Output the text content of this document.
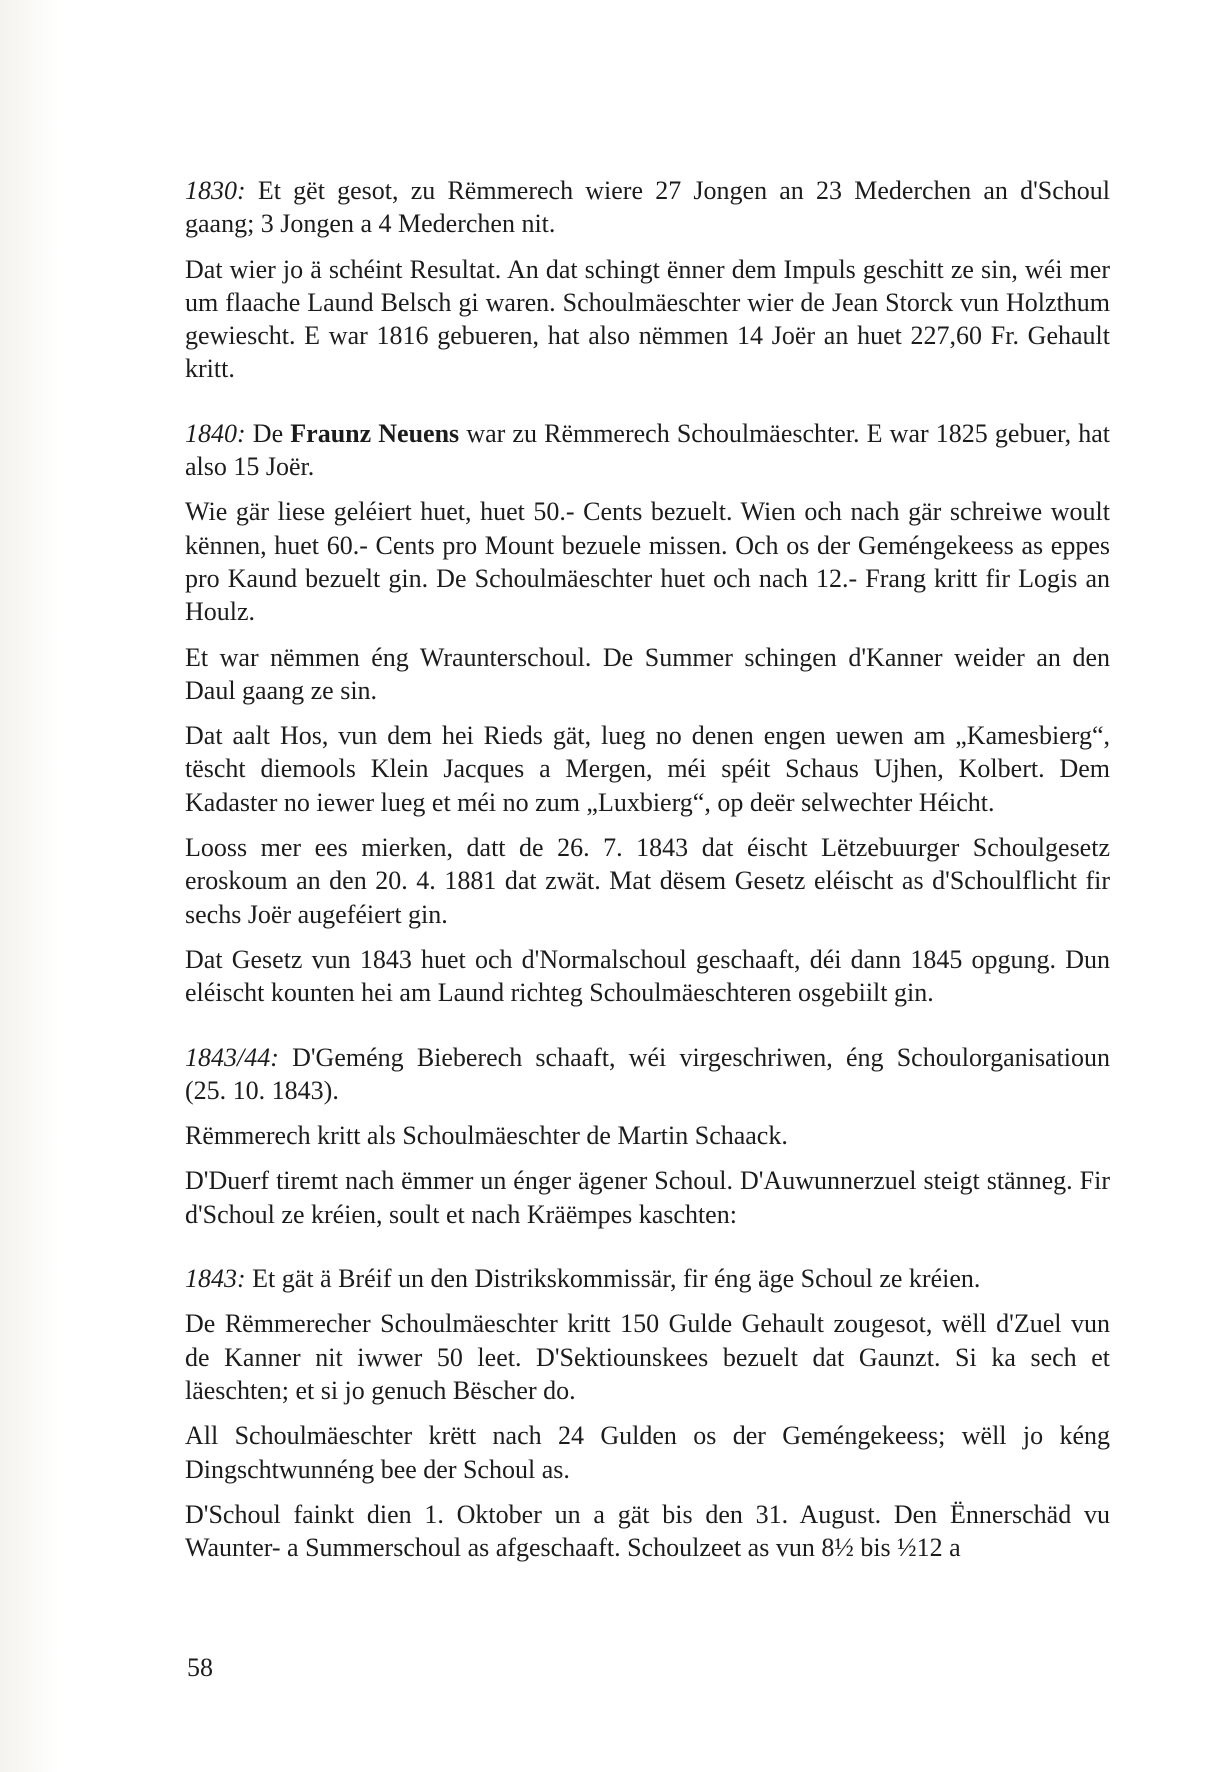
1830: Et gët gesot, zu Rëmmerech wiere 27 Jongen an 23 Mederchen an d'Schoul gaang; 3 Jongen a 4 Mederchen nit.

Dat wier jo ä schéint Resultat. An dat schingt ënner dem Impuls geschitt ze sin, wéi mer um flaache Laund Belsch gi waren. Schoulmäeschter wier de Jean Storck vun Holzthum gewiescht. E war 1816 gebueren, hat also nëmmen 14 Joër an huet 227,60 Fr. Gehault kritt.

1840: De Fraunz Neuens war zu Rëmmerech Schoulmäeschter. E war 1825 gebuer, hat also 15 Joër.

Wie gär liese geléiert huet, huet 50.- Cents bezuelt. Wien och nach gär schreiwe woult kënnen, huet 60.- Cents pro Mount bezuele missen. Och os der Geméngekeess as eppes pro Kaund bezuelt gin. De Schoulmäeschter huet och nach 12.- Frang kritt fir Logis an Houlz.

Et war nëmmen éng Wraunterschoul. De Summer schingen d'Kanner weider an den Daul gaang ze sin.

Dat aalt Hos, vun dem hei Rieds gät, lueg no denen engen uewen am „Kamesbierg“, tëscht diemools Klein Jacques a Mergen, méi spéit Schaus Ujhen, Kolbert. Dem Kadaster no iewer lueg et méi no zum „Luxbierg“, op deër selwechter Héicht.

Looss mer ees mierken, datt de 26. 7. 1843 dat éischt Lëtzebuurger Schoulgesetz eroskoum an den 20. 4. 1881 dat zwät. Mat dësem Gesetz eléischt as d'Schoulflicht fir sechs Joër augeféiert gin.

Dat Gesetz vun 1843 huet och d'Normalschoul geschaaft, déi dann 1845 opgung. Dun eléischt kounten hei am Laund richteg Schoulmäeschteren osgebiilt gin.

1843/44: D'Geméng Bieberech schaaft, wéi virgeschriwen, éng Schoulorganisatioun (25. 10. 1843).

Rëmmerech kritt als Schoulmäeschter de Martin Schaack.

D'Duerf tiremt nach ëmmer un énger ägener Schoul. D'Auwunnerzuel steigt stänneg. Fir d'Schoul ze kréien, soult et nach Kräëmpes kaschten:

1843: Et gät ä Bréif un den Distrikskommissär, fir éng äge Schoul ze kréien.

De Rëmmerecher Schoulmäeschter kritt 150 Gulde Gehault zougesot, wëll d'Zuel vun de Kanner nit iwwer 50 leet. D'Sektiounskees bezuelt dat Gaunzt. Si ka sech et läeschten; et si jo genuch Bëscher do.

All Schoulmäeschter krëtt nach 24 Gulden os der Geméngekeess; wëll jo kéng Dingschtwunnéng bee der Schoul as.

D'Schoul fainkt dien 1. Oktober un a gät bis den 31. August. Den Ënnerschäd vu Waunter- a Summerschoul as afgeschaaft. Schoulzeet as vun 8½ bis ½12 a

58
